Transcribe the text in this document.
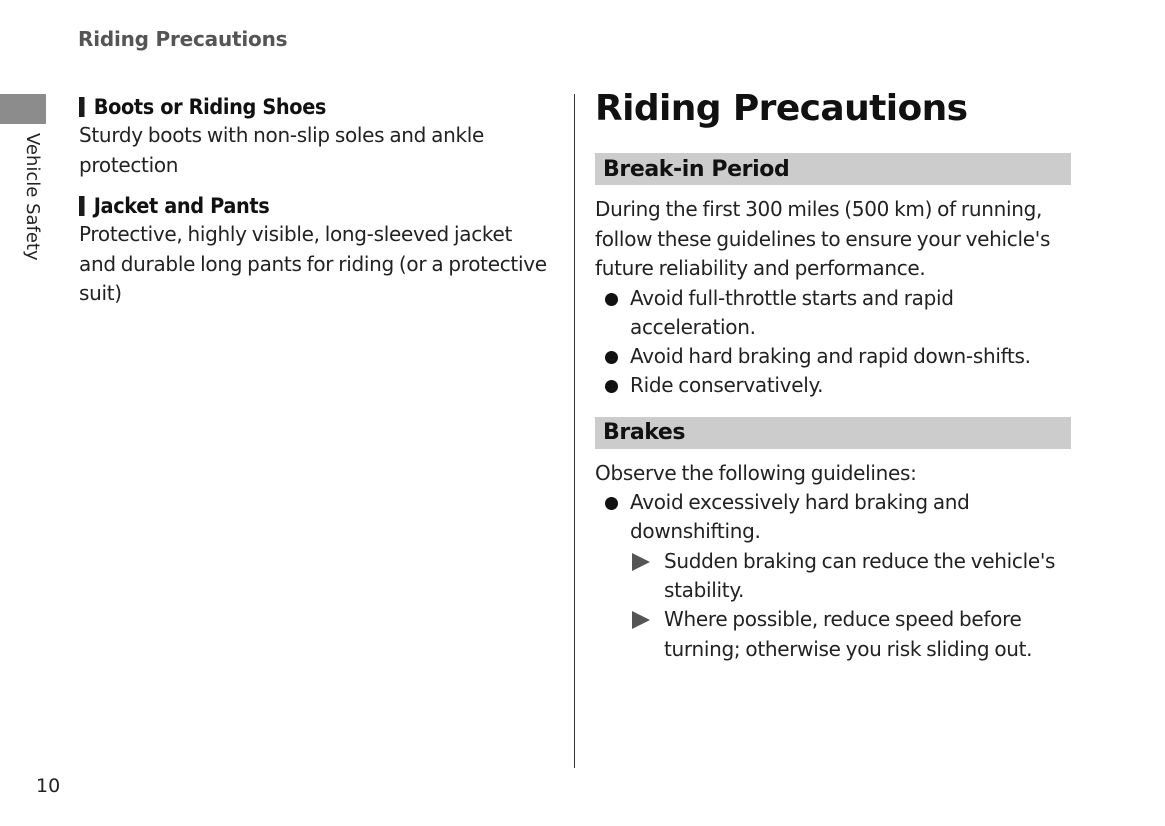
Riding Precautions
Vehicle Safety
Boots or Riding Shoes
Sturdy boots with non-slip soles and ankle protection
Jacket and Pants
Protective, highly visible, long-sleeved jacket and durable long pants for riding (or a protective suit)
Riding Precautions
Break-in Period
During the first 300 miles (500 km) of running, follow these guidelines to ensure your vehicle's future reliability and performance.
Avoid full-throttle starts and rapid acceleration.
Avoid hard braking and rapid down-shifts.
Ride conservatively.
Brakes
Observe the following guidelines:
Avoid excessively hard braking and downshifting.
Sudden braking can reduce the vehicle's stability.
Where possible, reduce speed before turning; otherwise you risk sliding out.
10
